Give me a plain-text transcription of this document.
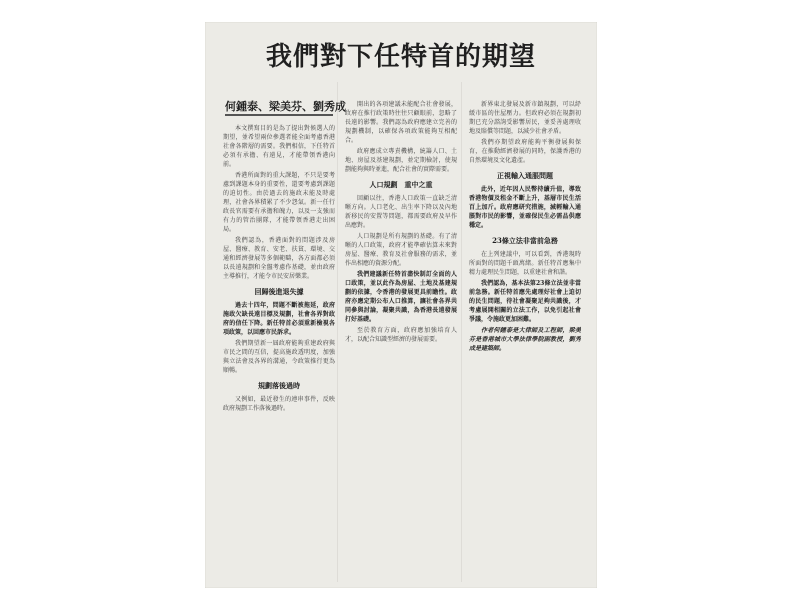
我們對下任特首的期望
何鍾泰、梁美芬、劉秀成

本文撰寫目的是為了提出對候選人的期望，並希望兩位參選者能全面考慮香港社會各階層的需要。我們相信，下任特首必須有承擔、有遠見，才能帶領香港向前。

香港所面對的重大課題，不只是要考慮到課題本身的重要性，還要考慮到課題的迫切性。由於過去的施政未能及時處理，社會各界積累了不少怨氣。新一任行政長官需要有承擔和魄力，以及一支強而有力的管治團隊，才能帶領香港走出困局。

我們認為，香港面對的問題涉及房屋、醫療、教育、安老、扶貧、環境、交通和經濟發展等多個範疇，各方面都必須以長遠規劃和全盤考慮作基礎，並由政府主導推行，才能令市民安居樂業。

回歸後進退失據

過去十四年，問題不斷被拖延，政府施政欠缺長遠目標及規劃，社會各界對政府的信任下降。新任特首必須重新檢視各項政策，以回應市民訴求。

我們期望新一屆政府能夠重建政府與市民之間的互信，提高施政透明度，加強與立法會及各界的溝通，令政策推行更為順暢。

規劃落後過時

又例如，最近發生的連串事件，反映政府規劃工作落後過時。

開出的各項建議未能配合社會發展，政府在推行政策時往往只顧眼前，忽略了長遠的影響。我們認為政府應建立完善的規劃機制，以確保各項政策能夠互相配合。

政府應成立專責機構，統籌人口、土地、房屋及基建規劃，並定期檢討，使規劃能夠與時並進，配合社會的實際需要。

人口規劃　重中之重

回顧以往，香港人口政策一直缺乏清晰方向。人口老化、出生率下降以及內地新移民的安置等問題，都需要政府及早作出應對。

人口規劃是所有規劃的基礎。有了清晰的人口政策，政府才能準確估算未來對房屋、醫療、教育及社會服務的需求，並作出相應的資源分配。

我們建議新任特首盡快制訂全面的人口政策，並以此作為房屋、土地及基建規劃的依據，令香港的發展更具前瞻性。政府亦應定期公布人口推算，讓社會各界共同參與討論，凝聚共識，為香港長遠發展打好基礎。

至於教育方面，政府應加強培育人才，以配合知識型經濟的發展需要。

新界東北發展及新市鎮規劃，可以紓緩市區的住屋壓力。但政府必須在規劃初期已充分諮詢受影響居民，並妥善處理收地及賠償等問題，以減少社會矛盾。

我們亦期望政府能夠平衡發展與保育，在推動經濟發展的同時，保護香港的自然環境及文化遺產。

正視輸入通脹問題

此外，近年因人民幣持續升值，導致香港物價及租金不斷上升，基層市民生活百上加斤。政府應研究措施，減輕輸入通脹對市民的影響，並確保民生必需品供應穩定。

23條立法非當前急務

在上列建議中，可以看到，香港現時所面對的問題千頭萬緒。新任特首應集中精力處理民生問題，以重建社會和諧。

我們認為，基本法第23條立法並非當前急務。新任特首應先處理好社會上迫切的民生問題，待社會凝聚足夠共識後，才考慮展開相關的立法工作，以免引起社會爭議，令施政更加困難。

作者何鍾泰是大律師及工程師，梁美芬是香港城市大學法律學院副教授，劉秀成是建築師。
